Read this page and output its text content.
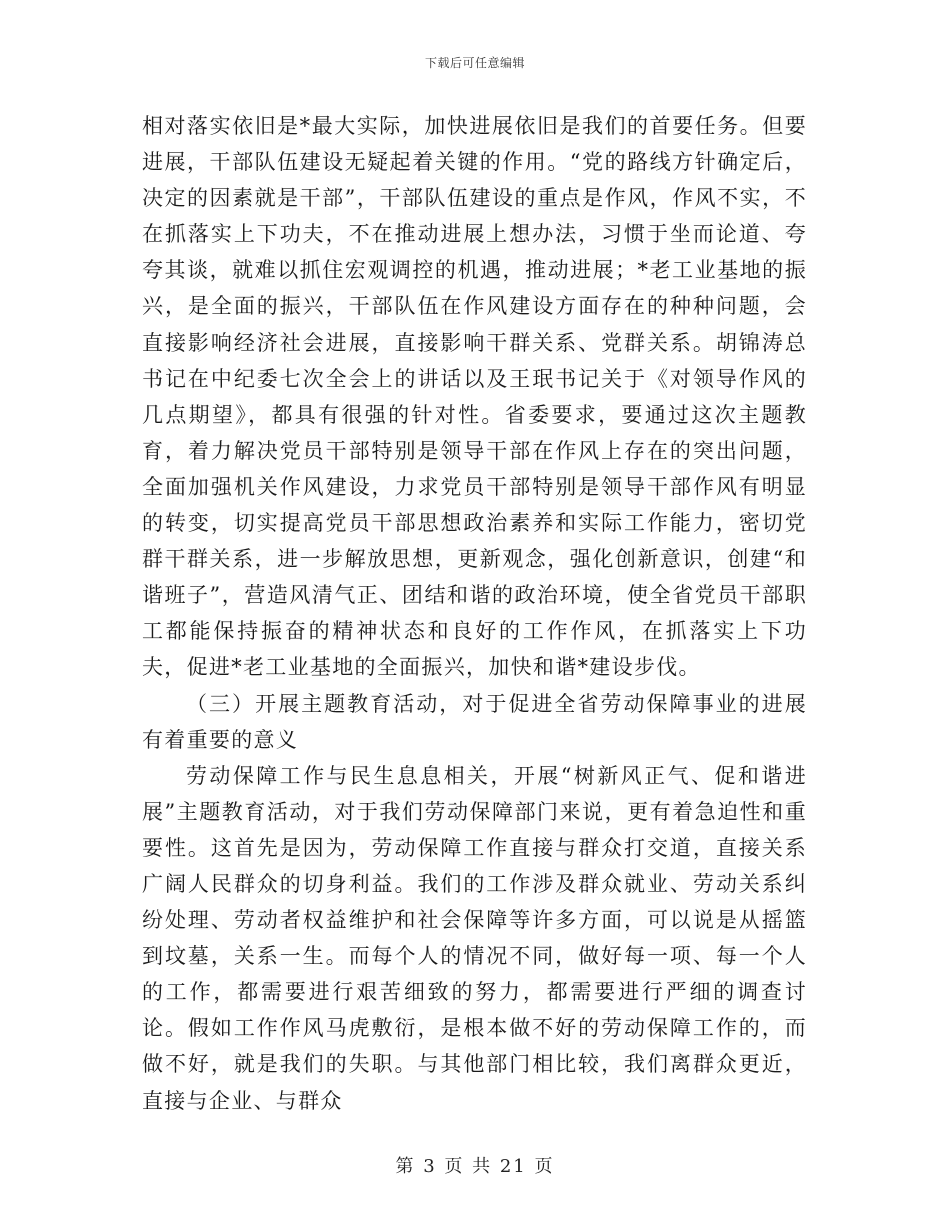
下载后可任意编辑

相对落实依旧是*最大实际，加快进展依旧是我们的首要任务。但要进展，干部队伍建设无疑起着关键的作用。“党的路线方针确定后，决定的因素就是干部”，干部队伍建设的重点是作风，作风不实，不在抓落实上下功夫，不在推动进展上想办法，习惯于坐而论道、夸夸其谈，就难以抓住宏观调控的机遇，推动进展；*老工业基地的振兴，是全面的振兴，干部队伍在作风建设方面存在的种种问题，会直接影响经济社会进展，直接影响干群关系、党群关系。胡锦涛总书记在中纪委七次全会上的讲话以及王珉书记关于《对领导作风的几点期望》，都具有很强的针对性。省委要求，要通过这次主题教育，着力解决党员干部特别是领导干部在作风上存在的突出问题，全面加强机关作风建设，力求党员干部特别是领导干部作风有明显的转变，切实提高党员干部思想政治素养和实际工作能力，密切党群干群关系，进一步解放思想，更新观念，强化创新意识，创建“和谐班子”，营造风清气正、团结和谐的政治环境，使全省党员干部职工都能保持振奋的精神状态和良好的工作作风，在抓落实上下功夫，促进*老工业基地的全面振兴，加快和谐*建设步伐。

（三）开展主题教育活动，对于促进全省劳动保障事业的进展有着重要的意义

劳动保障工作与民生息息相关，开展“树新风正气、促和谐进展”主题教育活动，对于我们劳动保障部门来说，更有着急迫性和重要性。这首先是因为，劳动保障工作直接与群众打交道，直接关系广阔人民群众的切身利益。我们的工作涉及群众就业、劳动关系纠纷处理、劳动者权益维护和社会保障等许多方面，可以说是从摇篮到坟墓，关系一生。而每个人的情况不同，做好每一项、每一个人的工作，都需要进行艰苦细致的努力，都需要进行严细的调查讨论。假如工作作风马虎敷衍，是根本做不好的劳动保障工作的，而做不好，就是我们的失职。与其他部门相比较，我们离群众更近，直接与企业、与群众

第 3 页 共 21 页
